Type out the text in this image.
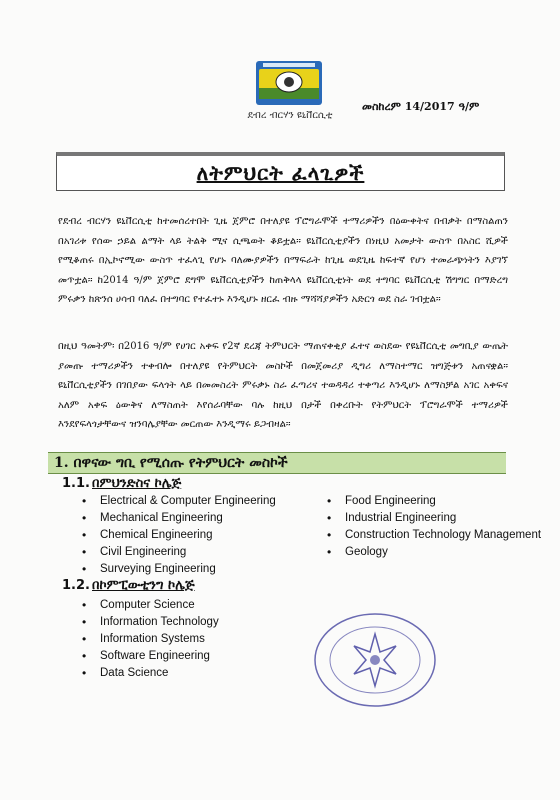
ደብረ ብርሃን ዩኒቨርሲቲ
መስከረም 14/2017 ዓ/ም
ለትምህርት ፈላጊዎች

የደብረ ብርሃን ዩኒቨርሲቲ ከተመሰረተበት ጊዜ ጀምሮ በተለያዩ ፕሮግራሞች ተማሪዎችን በዕውቀትና በብቃት በማስልጠን በአገሪቱ የሰው ኃይል ልማት ላይ ትልቅ ሚና ሲጫወት ቆይቷል። ዩኒቨርሲቲያችን በነዚህ አመታት ውስጥ በአስር ሺዎች የሚቆጠሩ በኢኮኖሚው ውስጥ ተፈላጊ የሆኑ ባለሙያዎችን በማፍራት ከጊዜ ወደጊዜ ከፍተኛ የሆነ ተመራጭነትን እያገኘ መጥቷል። ከ2014 ዓ/ም ጀምሮ ደግሞ ዩኒቨርሲቲያችን ከጠቅላላ ዩኒቨርሲቲነት ወደ ተግባር ዩኒቨርሲቲ ሽግግር በማድረግ ምሩቃን ከጽንሰ ሀሳብ ባለፈ በተግባር የተፈተኑ እንዲሆኑ ዘርፈ ብዙ ማሻሻያዎችን አድርጎ ወደ ስራ ገብቷል።

በዚህ ዓመትም፡ በ2016 ዓ/ም የሀገር አቀፍ የ2ኛ ደረጃ ትምህርት ማጠናቀቂያ ፈተና ወስደው የዩኒቨርሲቲ መግቢያ ውጤት ያመጡ ተማሪዎችን ተቀብሎ በተለያዩ የትምህርት መስኮች በመጀመሪያ ዲግሪ ለማስተማር ዝግጅቱን አጠናቋል። ዩኒቨርሲቲያችን በገበያው ፍላጎት ላይ በመመስረት ምሩቃኑ ስራ ፈጣሪና ተወዳዳሪ ተቀጣሪ እንዲሆኑ ለማስቻል አገር አቀፍና አለም አቀፍ ዕውቅና ለማስጠት እየሰራባቸው ባሉ ከዚህ በታች በቀረቡት የትምህርት ፕሮግራሞች ተማሪዎች እንደየፍላጎታቸውና ዝንባሌያቸው መርጠው እንዲማሩ ይጋብዛል።

1. በዋናው ግቢ የሚሰጡ የትምህርት መስኮች
1.1. በምህንድስና ኮሌጅ
• Electrical & Computer Engineering
• Mechanical Engineering
• Chemical Engineering
• Civil Engineering
• Surveying Engineering
• Food Engineering
• Industrial Engineering
• Construction Technology Management
• Geology
1.2. በኮምፒውቲንግ ኮሌጅ
• Computer Science
• Information Technology
• Information Systems
• Software Engineering
• Data Science
